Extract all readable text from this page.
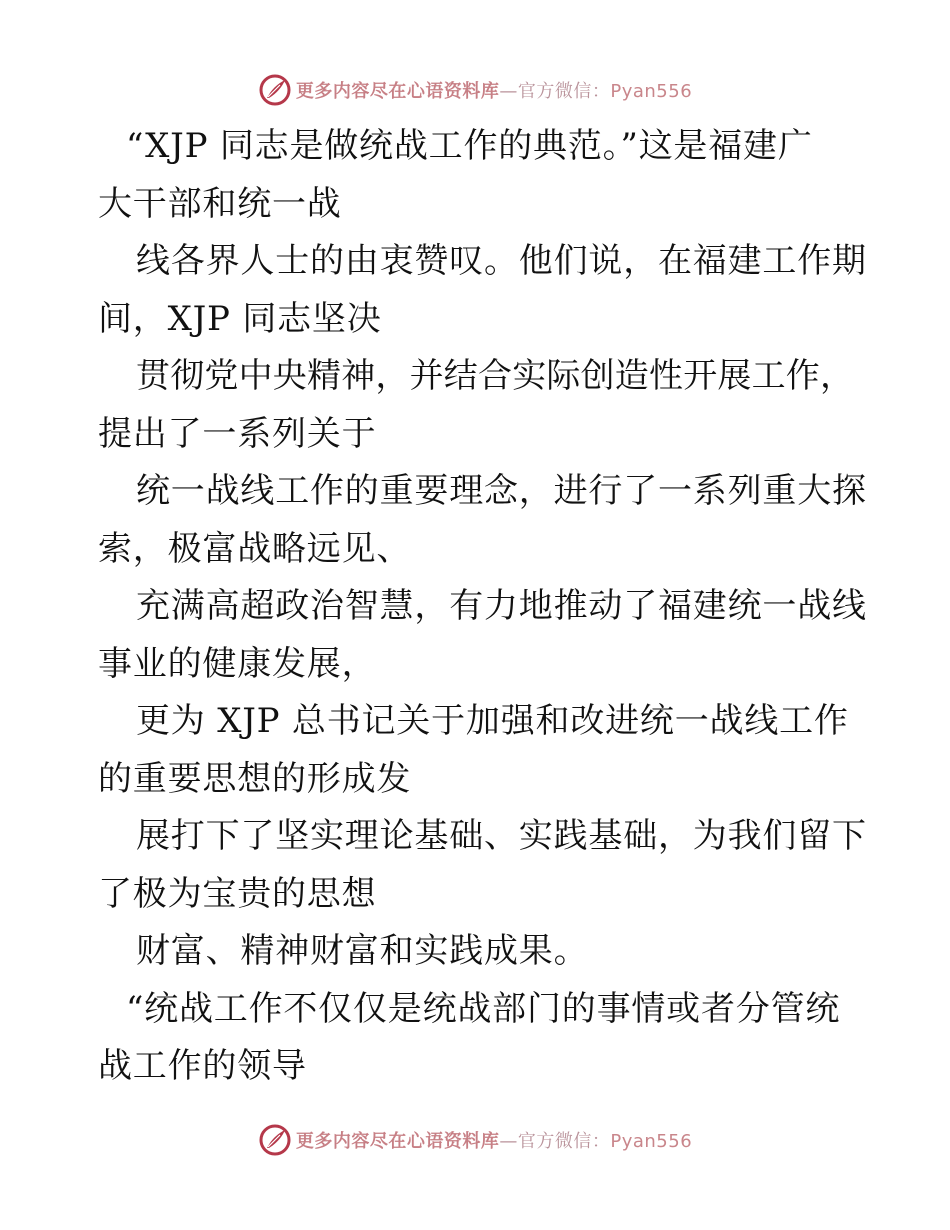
更多内容尽在心语资料库—官方微信：Pyan556
“XJP 同志是做统战工作的典范。”这是福建广
大干部和统一战
线各界人士的由衷赞叹。他们说，在福建工作期
间，XJP 同志坚决
贯彻党中央精神，并结合实际创造性开展工作，
提出了一系列关于
统一战线工作的重要理念，进行了一系列重大探
索，极富战略远见、
充满高超政治智慧，有力地推动了福建统一战线
事业的健康发展，
更为 XJP 总书记关于加强和改进统一战线工作
的重要思想的形成发
展打下了坚实理论基础、实践基础，为我们留下
了极为宝贵的思想
财富、精神财富和实践成果。
“统战工作不仅仅是统战部门的事情或者分管统
战工作的领导
更多内容尽在心语资料库—官方微信：Pyan556
